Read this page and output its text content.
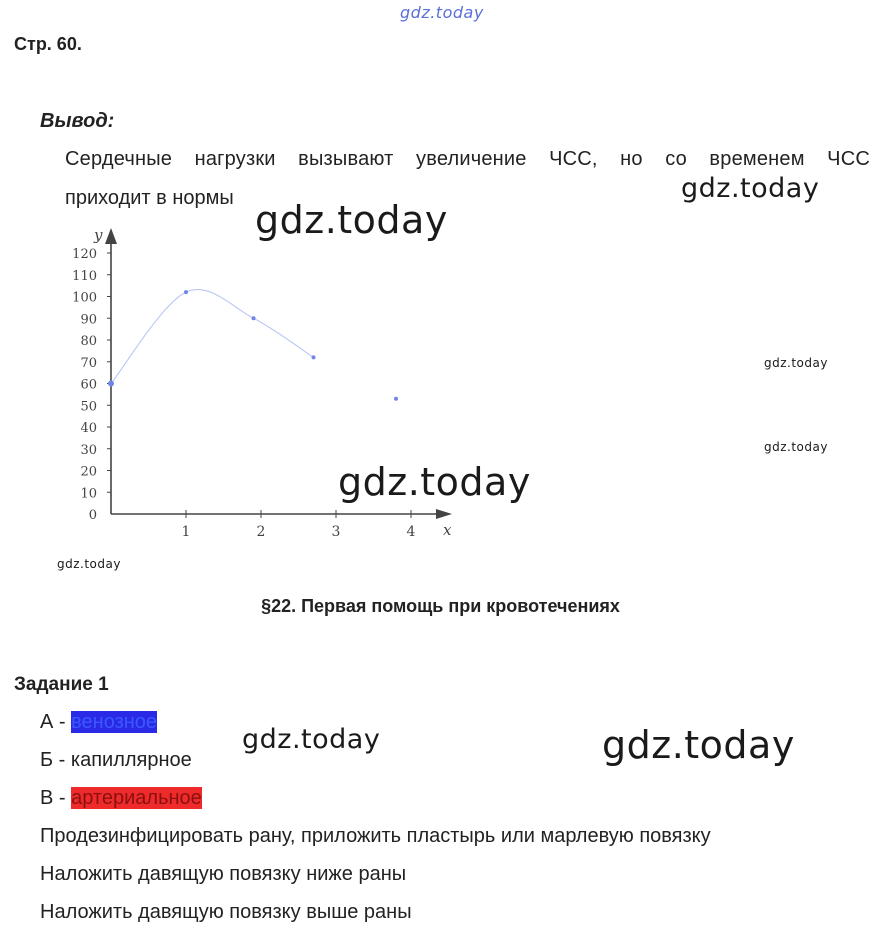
gdz.today
Стр. 60.
Вывод:
Сердечные нагрузки вызывают увеличение ЧСС, но со временем ЧСС
приходит в нормы	gdz.today
gdz.today
x
y
0
10
20
30
40
50
60
70
80
90
100
110
120
1	2	3	4
gdz.today
gdz.today
gdz.today
gdz.today
§22. Первая помощь при кровотечениях
Задание 1
А - венозное
Б - капиллярное
В - артериальное
Продезинфицировать рану, приложить пластырь или марлевую повязку
Наложить давящую повязку ниже раны
Наложить давящую повязку выше раны
gdz.today	gdz.today
